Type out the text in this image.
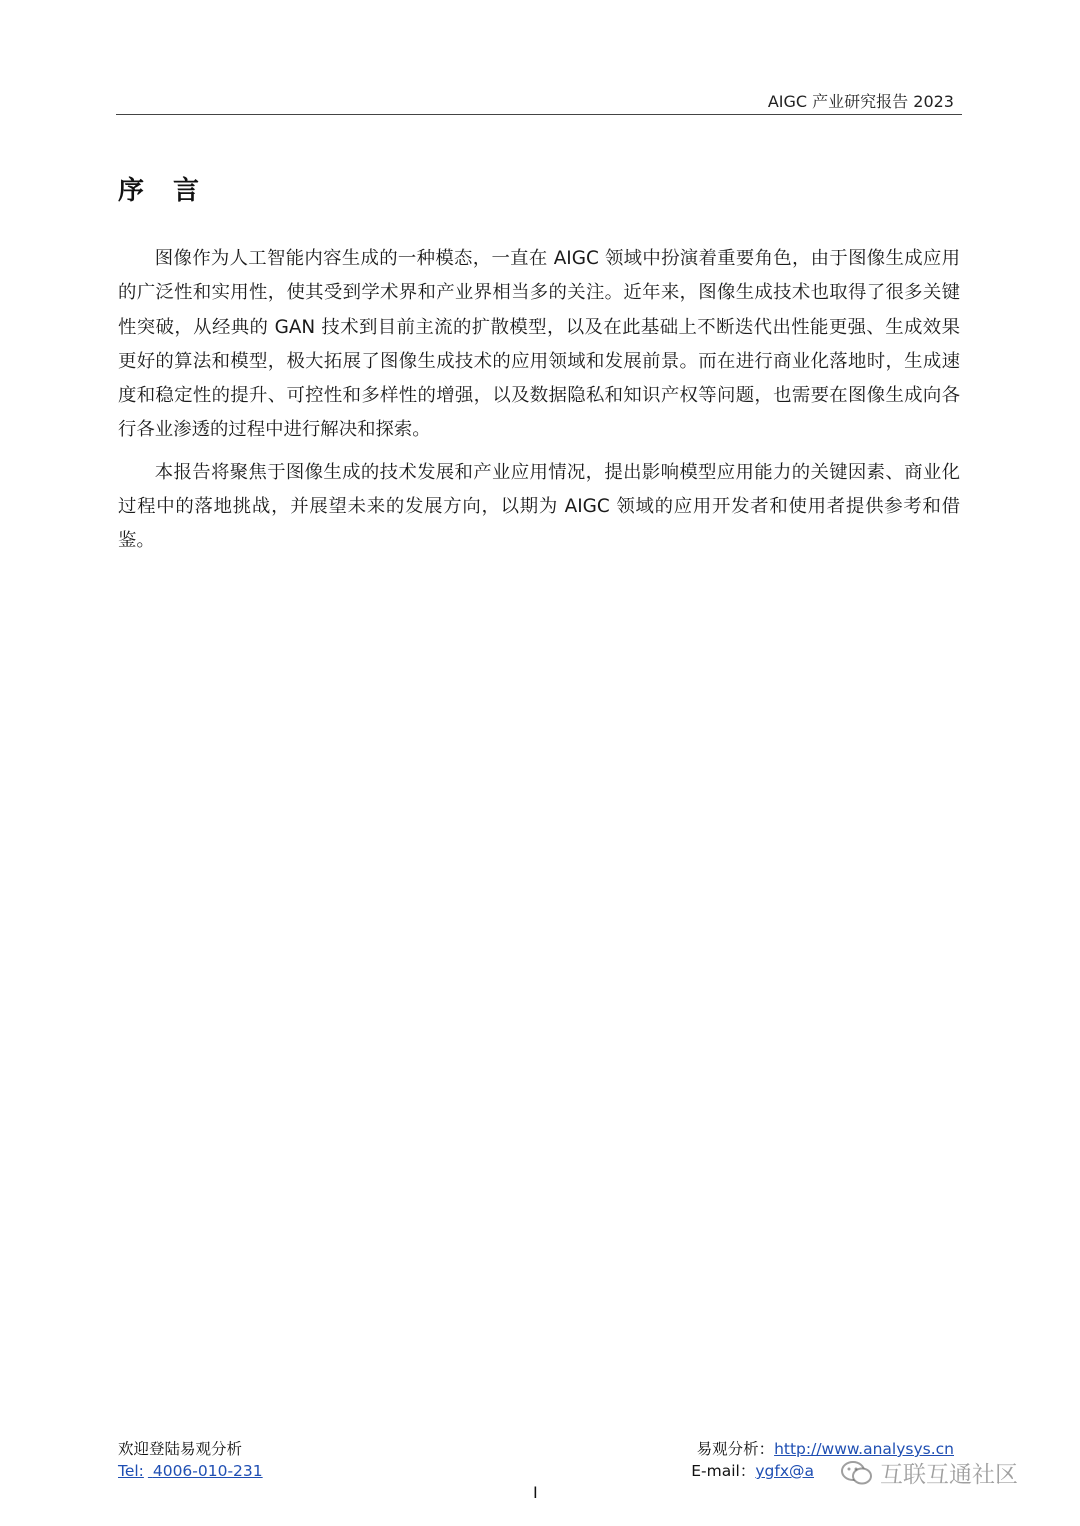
AIGC 产业研究报告 2023
序 言

图像作为人工智能内容生成的一种模态，一直在 AIGC 领域中扮演着重要角色，由于图像生成应用的广泛性和实用性，使其受到学术界和产业界相当多的关注。近年来，图像生成技术也取得了很多关键性突破，从经典的 GAN 技术到目前主流的扩散模型，以及在此基础上不断迭代出性能更强、生成效果更好的算法和模型，极大拓展了图像生成技术的应用领域和发展前景。而在进行商业化落地时，生成速度和稳定性的提升、可控性和多样性的增强，以及数据隐私和知识产权等问题，也需要在图像生成向各行各业渗透的过程中进行解决和探索。

本报告将聚焦于图像生成的技术发展和产业应用情况，提出影响模型应用能力的关键因素、商业化过程中的落地挑战，并展望未来的发展方向，以期为 AIGC 领域的应用开发者和使用者提供参考和借鉴。

欢迎登陆易观分析
Tel: 4006-010-231
易观分析：http://www.analysys.cn
E-mail：ygfx@a
I
互联互通社区
